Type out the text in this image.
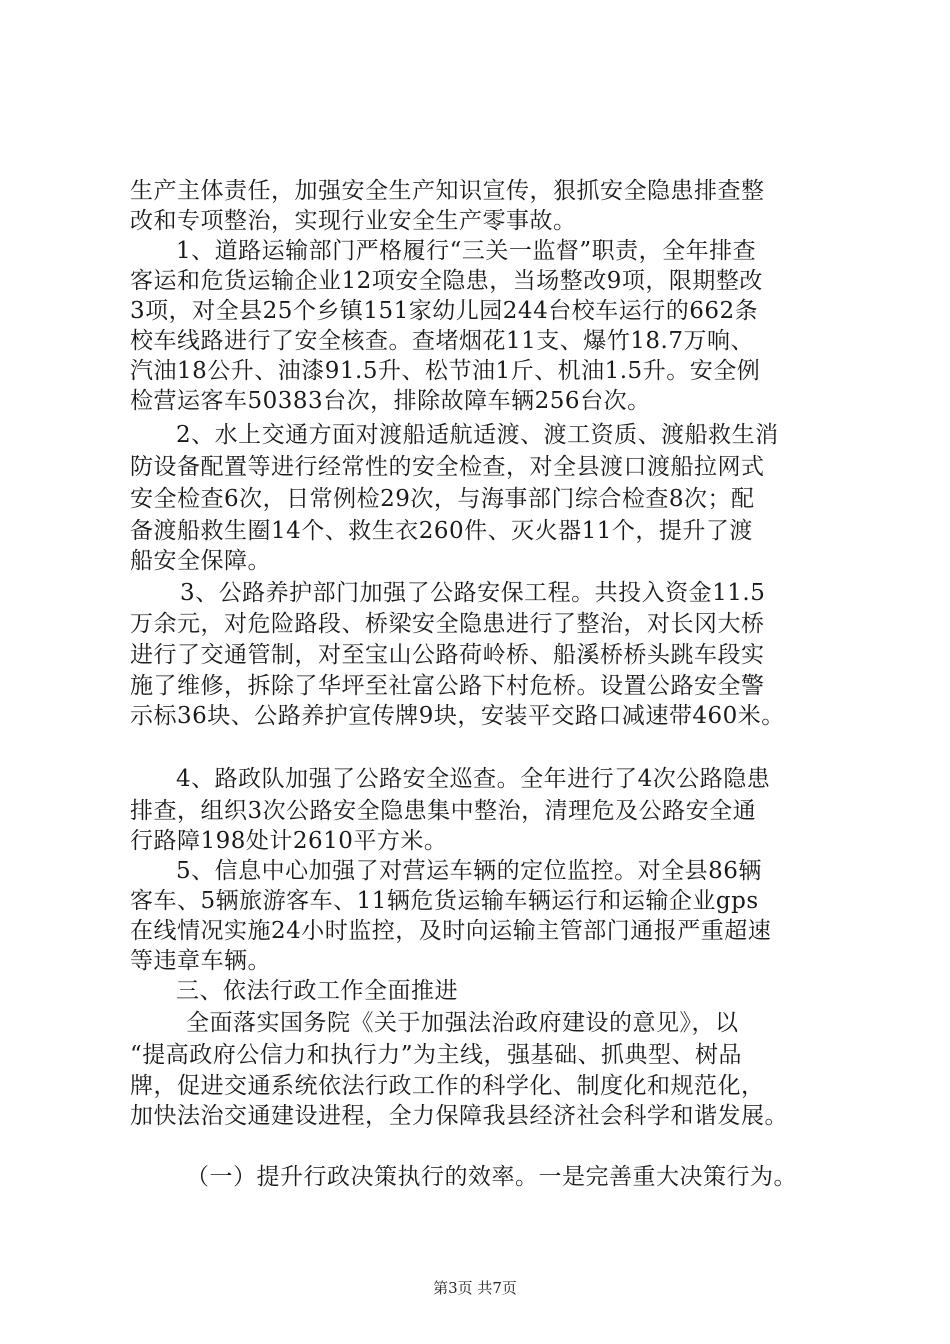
生产主体责任，加强安全生产知识宣传，狠抓安全隐患排查整
改和专项整治，实现行业安全生产零事故。
1、道路运输部门严格履行“三关一监督”职责，全年排查
客运和危货运输企业12项安全隐患，当场整改9项，限期整改
3项，对全县25个乡镇151家幼儿园244台校车运行的662条
校车线路进行了安全核查。查堵烟花11支、爆竹18.7万响、
汽油18公升、油漆91.5升、松节油1斤、机油1.5升。安全例
检营运客车50383台次，排除故障车辆256台次。
2、水上交通方面对渡船适航适渡、渡工资质、渡船救生消
防设备配置等进行经常性的安全检查，对全县渡口渡船拉网式
安全检查6次，日常例检29次，与海事部门综合检查8次；配
备渡船救生圈14个、救生衣260件、灭火器11个，提升了渡
船安全保障。
3、公路养护部门加强了公路安保工程。共投入资金11.5
万余元，对危险路段、桥梁安全隐患进行了整治，对长冈大桥
进行了交通管制，对至宝山公路荷岭桥、船溪桥桥头跳车段实
施了维修，拆除了华坪至社富公路下村危桥。设置公路安全警
示标36块、公路养护宣传牌9块，安装平交路口减速带460米。
4、路政队加强了公路安全巡查。全年进行了4次公路隐患
排查，组织3次公路安全隐患集中整治，清理危及公路安全通
行路障198处计2610平方米。
5、信息中心加强了对营运车辆的定位监控。对全县86辆
客车、5辆旅游客车、11辆危货运输车辆运行和运输企业gps
在线情况实施24小时监控，及时向运输主管部门通报严重超速
等违章车辆。
三、依法行政工作全面推进
全面落实国务院《关于加强法治政府建设的意见》，以
“提高政府公信力和执行力”为主线，强基础、抓典型、树品
牌，促进交通系统依法行政工作的科学化、制度化和规范化，
加快法治交通建设进程，全力保障我县经济社会科学和谐发展。
（一）提升行政决策执行的效率。一是完善重大决策行为。
第3页 共7页
